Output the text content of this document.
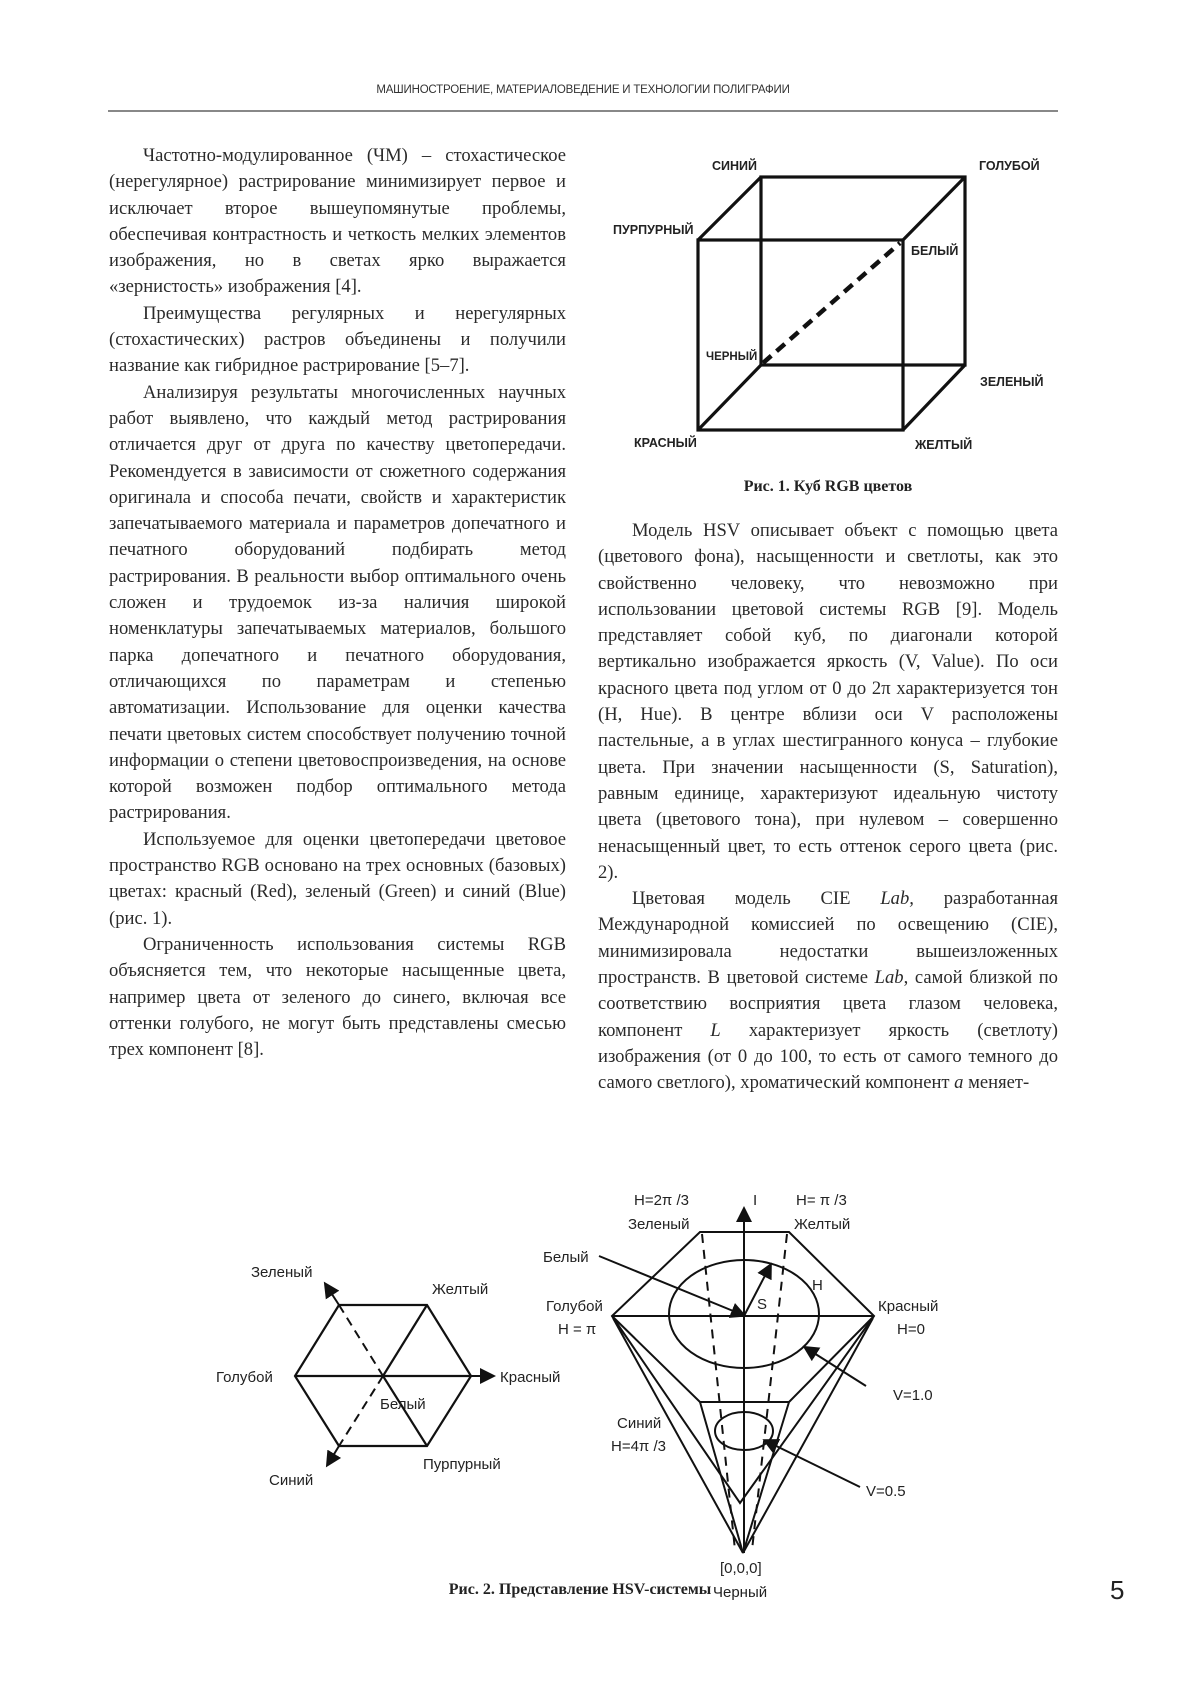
МАШИНОСТРОЕНИЕ, МАТЕРИАЛОВЕДЕНИЕ И ТЕХНОЛОГИИ ПОЛИГРАФИИ

Частотно-модулированное (ЧМ) – стохастическое (нерегулярное) растрирование минимизирует первое и исключает второе вышеупомянутые проблемы, обеспечивая контрастность и четкость мелких элементов изображения, но в светах ярко выражается «зернистость» изображения [4].

Преимущества регулярных и нерегулярных (стохастических) растров объединены и получили название как гибридное растрирование [5–7].

Анализируя результаты многочисленных научных работ выявлено, что каждый метод растрирования отличается друг от друга по качеству цветопередачи. Рекомендуется в зависимости от сюжетного содержания оригинала и способа печати, свойств и характеристик запечатываемого материала и параметров допечатного и печатного оборудований подбирать метод растрирования. В реальности выбор оптимального очень сложен и трудоемок из-за наличия широкой номенклатуры запечатываемых материалов, большого парка допечатного и печатного оборудования, отличающихся по параметрам и степенью автоматизации. Использование для оценки качества печати цветовых систем способствует получению точной информации о степени цветовоспроизведения, на основе которой возможен подбор оптимального метода растрирования.

Используемое для оценки цветопередачи цветовое пространство RGB основано на трех основных (базовых) цветах: красный (Red), зеленый (Green) и синий (Blue) (рис. 1).

Ограниченность использования системы RGB объясняется тем, что некоторые насыщенные цвета, например цвета от зеленого до синего, включая все оттенки голубого, не могут быть представлены смесью трех компонент [8].

СИНИЙ	ГОЛУБОЙ
ПУРПУРНЫЙ
БЕЛЫЙ
ЧЕРНЫЙ
ЗЕЛЕНЫЙ
КРАСНЫЙ	ЖЕЛТЫЙ
Рис. 1. Куб RGB цветов

Модель HSV описывает объект с помощью цвета (цветового фона), насыщенности и светлоты, как это свойственно человеку, что невозможно при использовании цветовой системы RGB [9]. Модель представляет собой куб, по диагонали которой вертикально изображается яркость (V, Value). По оси красного цвета под углом от 0 до 2π характеризуется тон (H, Hue). В центре вблизи оси V расположены пастельные, а в углах шестигранного конуса – глубокие цвета. При значении насыщенности (S, Saturation), равным единице, характеризуют идеальную чистоту цвета (цветового тона), при нулевом – совершенно ненасыщенный цвет, то есть оттенок серого цвета (рис. 2).

Цветовая модель CIE Lab, разработанная Международной комиссией по освещению (CIE), минимизировала недостатки вышеизложенных пространств. В цветовой системе Lab, самой близкой по соответствию восприятия цвета глазом человека, компонент L характеризует яркость (светлоту) изображения (от 0 до 100, то есть от самого темного до самого светлого), хроматический компонент a меняет-

Зеленый
Желтый
Голубой	Красный
Белый
Синий
Пурпурный
H=2π /3
Зеленый
I	H= π /3
Желтый
Белый
Голубой
H = π
Красный
H=0
S
H
V=1.0
Синий
H=4π /3
V=0.5
[0,0,0]
Черный
Рис. 2. Представление HSV-системы	5
